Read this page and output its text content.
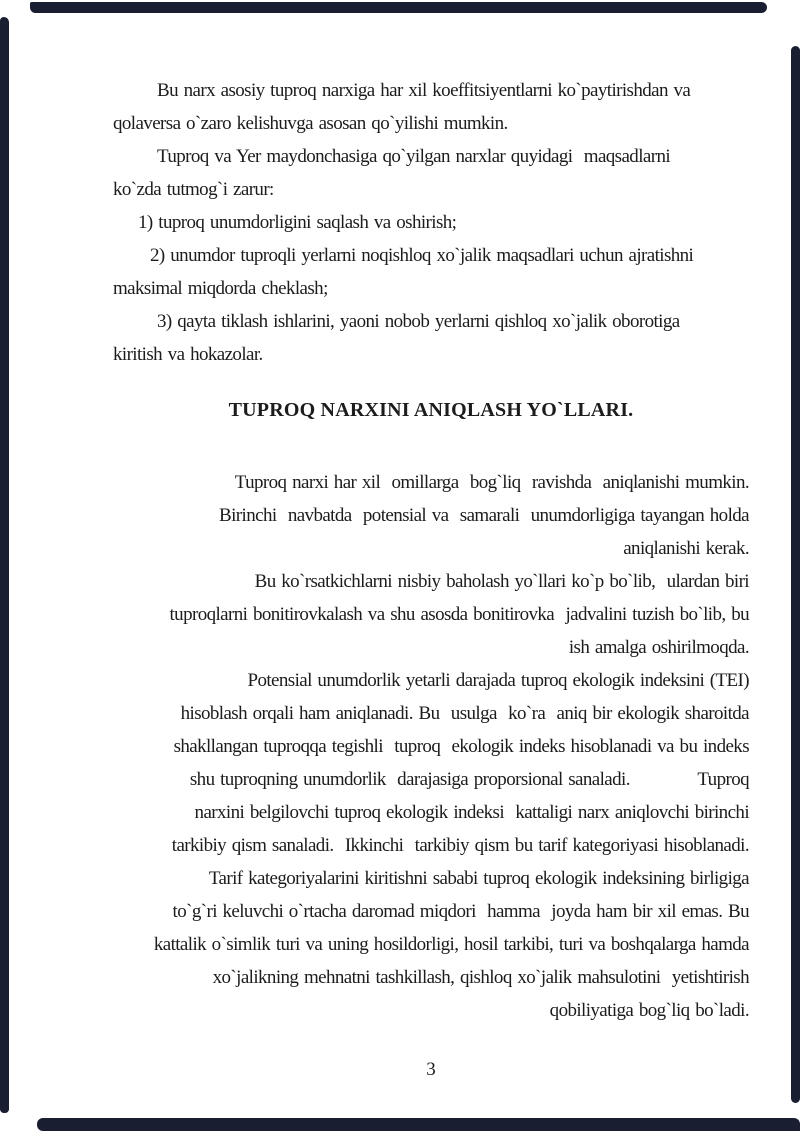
Bu narx asosiy tuproq narxiga har xil koeffitsiyentlarni ko`paytirishdan va
qolaversa o`zaro kelishuvga asosan qo`yilishi mumkin.
Tuproq va Yer maydonchasiga qo`yilgan narxlar quyidagi  maqsadlarni
ko`zda tutmog`i zarur:
1) tuproq unumdorligini saqlash va oshirish;
2) unumdor tuproqli yerlarni noqishloq xo`jalik maqsadlari uchun ajratishni
maksimal miqdorda cheklash;
3) qayta tiklash ishlarini, yaoni nobob yerlarni qishloq xo`jalik oborotiga
kiritish va hokazolar.
TUPROQ NARXINI ANIQLASH YO`LLARI.
Tuproq narxi har xil  omillarga  bog`liq  ravishda  aniqlanishi mumkin.
Birinchi  navbatda  potensial va  samarali  unumdorligiga tayangan holda
aniqlanishi kerak.
Bu ko`rsatkichlarni nisbiy baholash yo`llari ko`p bo`lib,  ulardan biri
tuproqlarni bonitirovkalash va shu asosda bonitirovka  jadvalini tuzish bo`lib, bu
ish amalga oshirilmoqda.
Potensial unumdorlik yetarli darajada tuproq ekologik indeksini (TEI)
hisoblash orqali ham aniqlanadi. Bu  usulga  ko`ra  aniq bir ekologik sharoitda
shakllangan tuproqqa tegishli  tuproq  ekologik indeks hisoblanadi va bu indeks
shu tuproqning unumdorlik  darajasiga proporsional sanaladi.            Tuproq
narxini belgilovchi tuproq ekologik indeksi  kattaligi narx aniqlovchi birinchi
tarkibiy qism sanaladi.  Ikkinchi  tarkibiy qism bu tarif kategoriyasi hisoblanadi.
Tarif kategoriyalarini kiritishni sababi tuproq ekologik indeksining birligiga
to`g`ri keluvchi o`rtacha daromad miqdori  hamma  joyda ham bir xil emas. Bu
kattalik o`simlik turi va uning hosildorligi, hosil tarkibi, turi va boshqalarga hamda
xo`jalikning mehnatni tashkillash, qishloq xo`jalik mahsulotini  yetishtirish
qobiliyatiga bog`liq bo`ladi.
3
